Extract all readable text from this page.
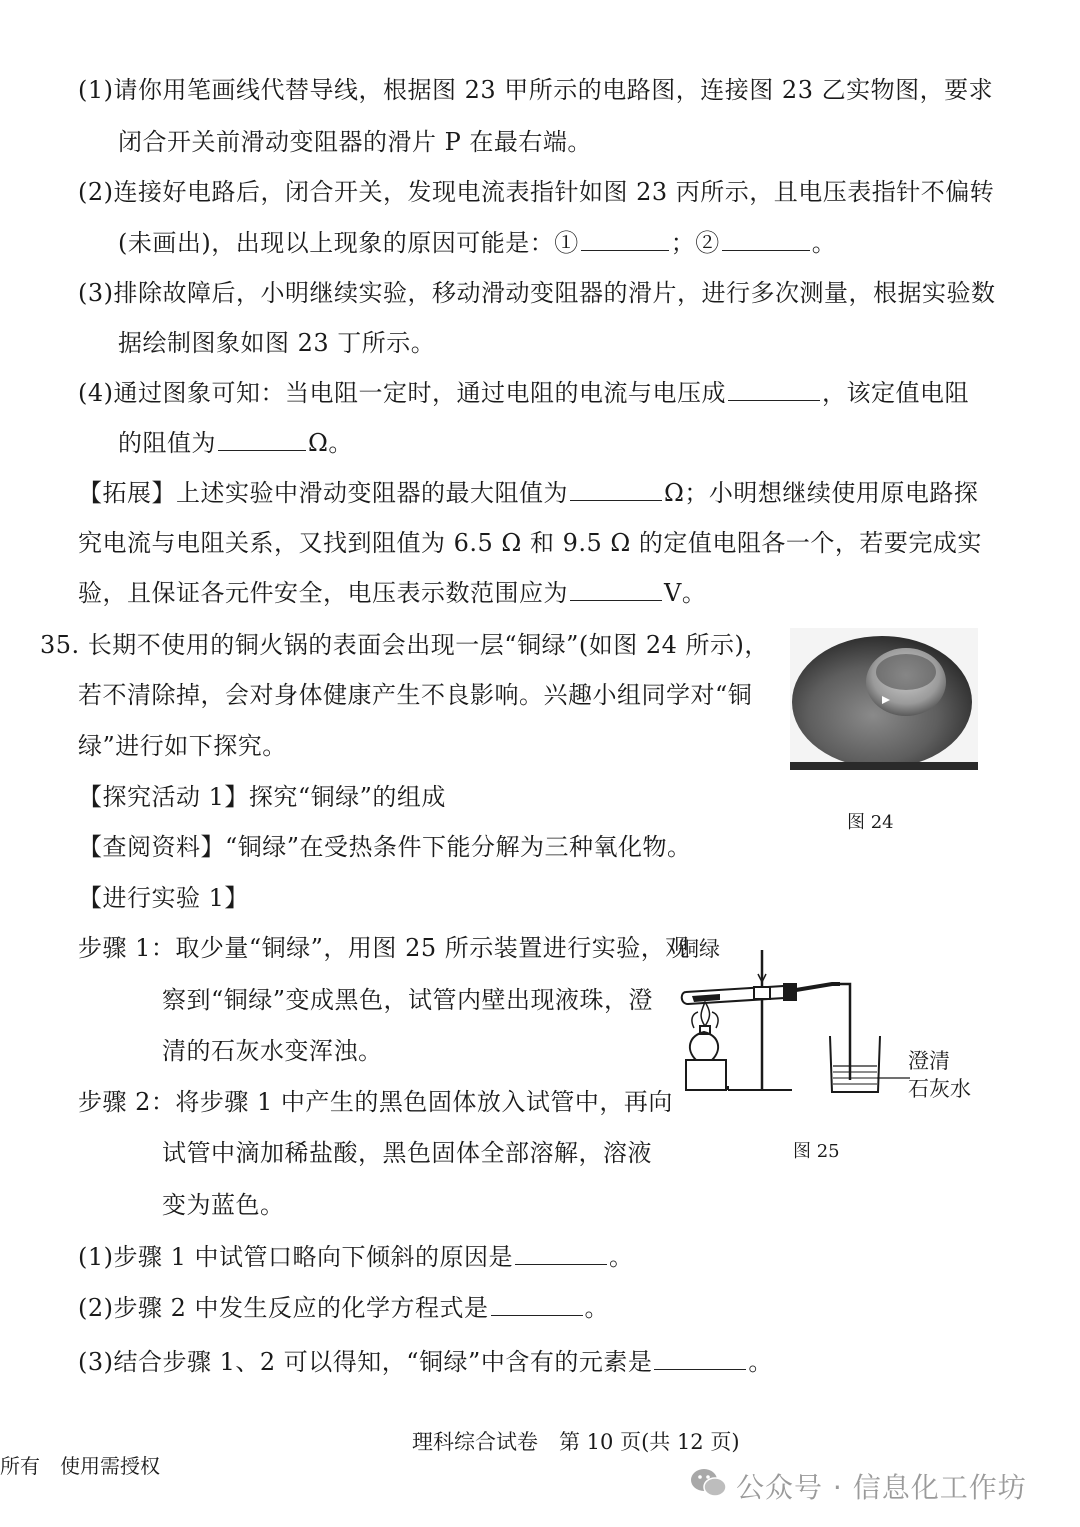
(1)请你用笔画线代替导线，根据图 23 甲所示的电路图，连接图 23 乙实物图，要求
闭合开关前滑动变阻器的滑片 P 在最右端。
(2)连接好电路后，闭合开关，发现电流表指针如图 23 丙所示，且电压表指针不偏转
(未画出)，出现以上现象的原因可能是：①	；②	。
(3)排除故障后，小明继续实验，移动滑动变阻器的滑片，进行多次测量，根据实验数
据绘制图象如图 23 丁所示。
(4)通过图象可知：当电阻一定时，通过电阻的电流与电压成	，该定值电阻
的阻值为	Ω。
【拓展】上述实验中滑动变阻器的最大阻值为	Ω；小明想继续使用原电路探
究电流与电阻关系，又找到阻值为 6.5 Ω 和 9.5 Ω 的定值电阻各一个，若要完成实
验，且保证各元件安全，电压表示数范围应为	V。
35. 长期不使用的铜火锅的表面会出现一层“铜绿”(如图 24 所示)，
若不清除掉，会对身体健康产生不良影响。兴趣小组同学对“铜
绿”进行如下探究。
【探究活动 1】探究“铜绿”的组成
【查阅资料】“铜绿”在受热条件下能分解为三种氧化物。
【进行实验 1】
步骤 1：取少量“铜绿”，用图 25 所示装置进行实验，观
察到“铜绿”变成黑色，试管内壁出现液珠，澄
清的石灰水变浑浊。
步骤 2：将步骤 1 中产生的黑色固体放入试管中，再向
试管中滴加稀盐酸，黑色固体全部溶解，溶液
变为蓝色。
(1)步骤 1 中试管口略向下倾斜的原因是	。
(2)步骤 2 中发生反应的化学方程式是	。
(3)结合步骤 1、2 可以得知，“铜绿”中含有的元素是	。
图 24
铜绿
澄清
石灰水
图 25
理科综合试卷　第 10 页(共 12 页)
所有　使用需授权
公众号 · 信息化工作坊
